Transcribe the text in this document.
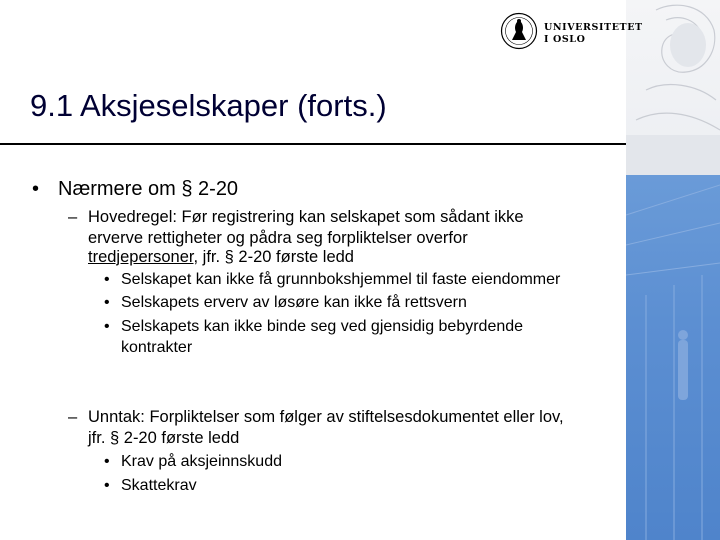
UNIVERSITETET
I OSLO
9.1 Aksjeselskaper (forts.)
• Nærmere om § 2-20
– Hovedregel: Før registrering kan selskapet som sådant ikke
erverve rettigheter og pådra seg forpliktelser overfor
tredjepersoner, jfr. § 2-20 første ledd
• Selskapet kan ikke få grunnbokshjemmel til faste eiendommer
• Selskapets erverv av løsøre kan ikke få rettsvern
• Selskapets kan ikke binde seg ved gjensidig bebyrdende
kontrakter
– Unntak: Forpliktelser som følger av stiftelsesdokumentet eller lov,
jfr. § 2-20 første ledd
• Krav på aksjeinnskudd
• Skattekrav
